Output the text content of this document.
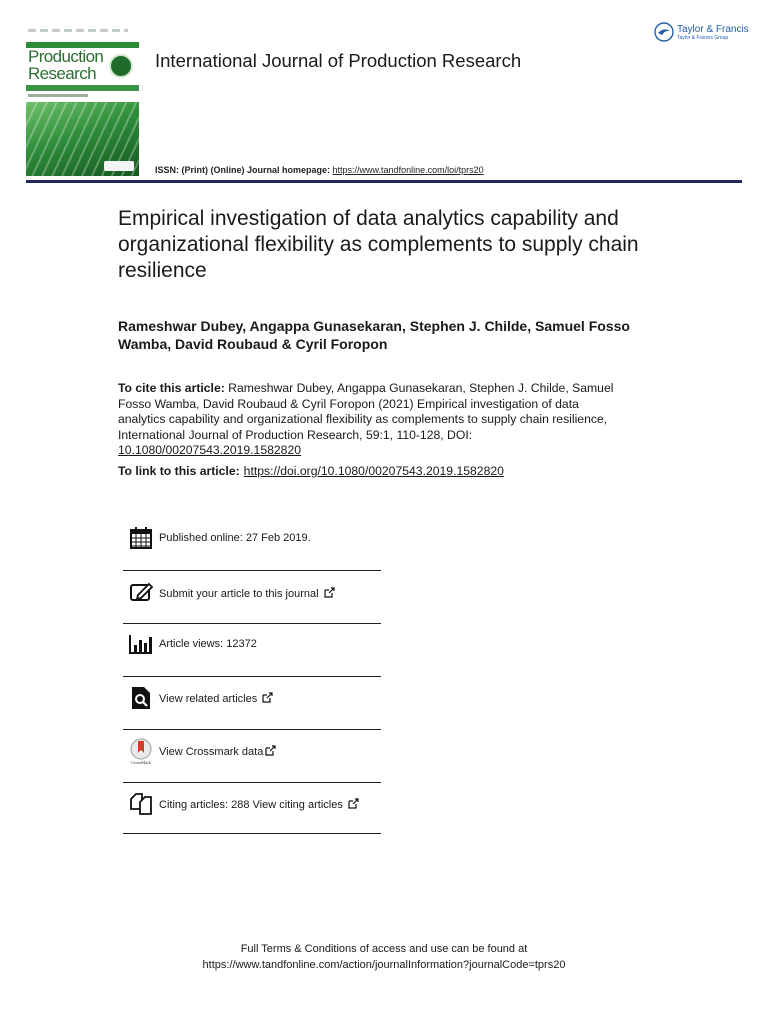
Production
Research
International Journal of Production Research
ISSN: (Print) (Online) Journal homepage: https://www.tandfonline.com/loi/tprs20
Taylor & Francis
Taylor & Francis Group
Empirical investigation of data analytics capability and organizational flexibility as complements to supply chain resilience
Rameshwar Dubey, Angappa Gunasekaran, Stephen J. Childe, Samuel Fosso Wamba, David Roubaud & Cyril Foropon
To cite this article: Rameshwar Dubey, Angappa Gunasekaran, Stephen J. Childe, Samuel Fosso Wamba, David Roubaud & Cyril Foropon (2021) Empirical investigation of data analytics capability and organizational flexibility as complements to supply chain resilience, International Journal of Production Research, 59:1, 110-128, DOI: 10.1080/00207543.2019.1582820
To link to this article: https://doi.org/10.1080/00207543.2019.1582820
Published online: 27 Feb 2019.
Submit your article to this journal
Article views: 12372
View related articles
CrossMark
View Crossmark data
Citing articles: 288 View citing articles
Full Terms & Conditions of access and use can be found at
https://www.tandfonline.com/action/journalInformation?journalCode=tprs20
